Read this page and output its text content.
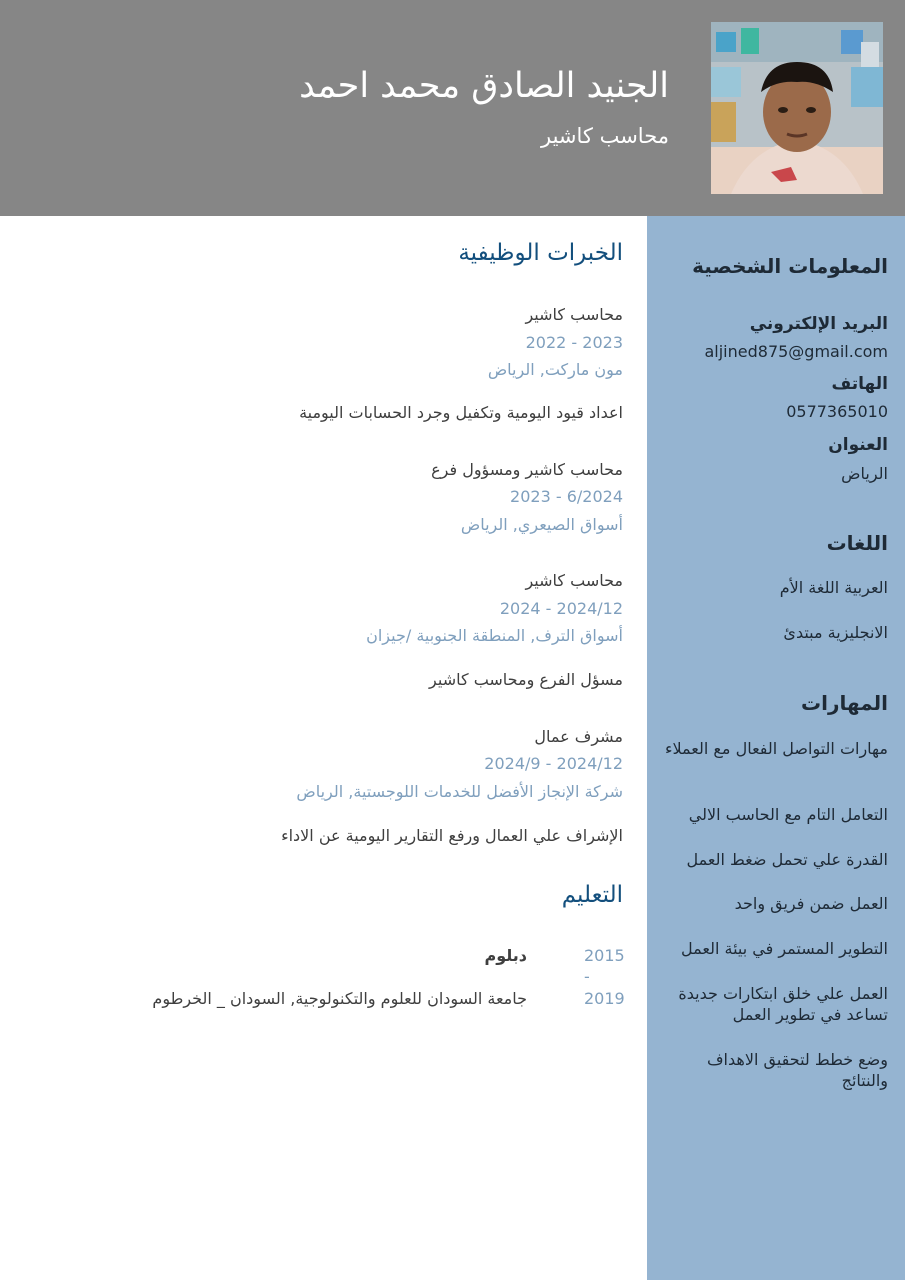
الجنيد الصادق محمد احمد
محاسب كاشير
المعلومات الشخصية
البريد الإلكتروني
aljined875@gmail.com
الهاتف
0577365010
العنوان
الرياض
اللغات
العربية اللغة الأم
الانجليزية مبتدئ
المهارات
مهارات التواصل الفعال مع العملاء
التعامل التام مع الحاسب الالي
القدرة علي تحمل ضغط العمل
العمل ضمن فريق واحد
التطوير المستمر في بيئة العمل
العمل علي خلق ابتكارات جديدة تساعد في تطوير العمل
وضع خطط لتحقيق الاهداف والنتائج
الخبرات الوظيفية
محاسب كاشير
2022 - 2023
مون ماركت, الرياض
اعداد قيود اليومية وتكفيل وجرد الحسابات اليومية
محاسب كاشير ومسؤول فرع
2023 - 6/2024
أسواق الصيعري, الرياض
محاسب كاشير
2024 - 2024/12
أسواق الترف, المنطقة الجنوبية /جيزان
مسؤل الفرع ومحاسب كاشير
مشرف عمال
2024/9 - 2024/12
شركة الإنجاز الأفضل للخدمات اللوجستية, الرياض
الإشراف علي العمال ورفع التقارير اليومية عن الاداء
التعليم
2015
-
2019
دبلوم
جامعة السودان للعلوم والتكنولوجية, السودان _ الخرطوم
